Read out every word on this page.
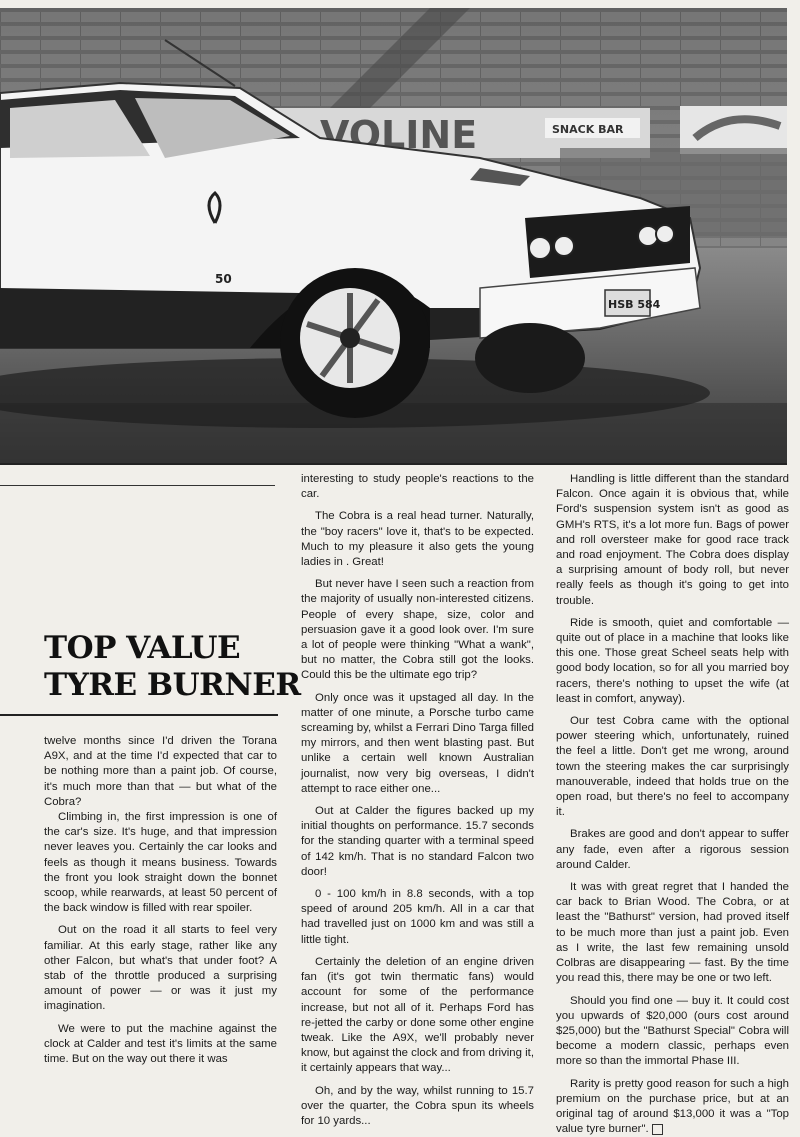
VOLINE	SNACK BAR
HSB 584
50
TOP VALUE
TYRE BURNER

twelve months since I'd driven the Torana A9X, and at the time I'd expected that car to be nothing more than a paint job. Of course, it's much more than that — but what of the Cobra?

Climbing in, the first impression is one of the car's size. It's huge, and that impression never leaves you. Certainly the car looks and feels as though it means business. Towards the front you look straight down the bonnet scoop, while rearwards, at least 50 percent of the back window is filled with rear spoiler.

Out on the road it all starts to feel very familiar. At this early stage, rather like any other Falcon, but what's that under foot? A stab of the throttle produced a surprising amount of power — or was it just my imagination.

We were to put the machine against the clock at Calder and test it's limits at the same time. But on the way out there it was

interesting to study people's reactions to the car.

The Cobra is a real head turner. Naturally, the "boy racers" love it, that's to be expected. Much to my pleasure it also gets the young ladies in . Great!

But never have I seen such a reaction from the majority of usually non-interested citizens. People of every shape, size, color and persuasion gave it a good look over. I'm sure a lot of people were thinking "What a wank", but no matter, the Cobra still got the looks. Could this be the ultimate ego trip?

Only once was it upstaged all day. In the matter of one minute, a Porsche turbo came screaming by, whilst a Ferrari Dino Targa filled my mirrors, and then went blasting past. But unlike a certain well known Australian journalist, now very big overseas, I didn't attempt to race either one...

Out at Calder the figures backed up my initial thoughts on performance. 15.7 seconds for the standing quarter with a terminal speed of 142 km/h. That is no standard Falcon two door!

0 - 100 km/h in 8.8 seconds, with a top speed of around 205 km/h. All in a car that had travelled just on 1000 km and was still a little tight.

Certainly the deletion of an engine driven fan (it's got twin thermatic fans) would account for some of the performance increase, but not all of it. Perhaps Ford has re-jetted the carby or done some other engine tweak. Like the A9X, we'll probably never know, but against the clock and from driving it, it certainly appears that way...

Oh, and by the way, whilst running to 15.7 over the quarter, the Cobra spun its wheels for 10 yards...

Handling is little different than the standard Falcon. Once again it is obvious that, while Ford's suspension system isn't as good as GMH's RTS, it's a lot more fun. Bags of power and roll oversteer make for good race track and road enjoyment. The Cobra does display a surprising amount of body roll, but never really feels as though it's going to get into trouble.

Ride is smooth, quiet and comfortable — quite out of place in a machine that looks like this one. Those great Scheel seats help with good body location, so for all you married boy racers, there's nothing to upset the wife (at least in comfort, anyway).

Our test Cobra came with the optional power steering which, unfortunately, ruined the feel a little. Don't get me wrong, around town the steering makes the car surprisingly manouverable, indeed that holds true on the open road, but there's no feel to accompany it.

Brakes are good and don't appear to suffer any fade, even after a rigorous session around Calder.

It was with great regret that I handed the car back to Brian Wood. The Cobra, or at least the "Bathurst" version, had proved itself to be much more than just a paint job. Even as I write, the last few remaining unsold Colbras are disappearing — fast. By the time you read this, there may be one or two left.

Should you find one — buy it. It could cost you upwards of $20,000 (ours cost around $25,000) but the "Bathurst Special" Cobra will become a modern classic, perhaps even more so than the immortal Phase III.

Rarity is pretty good reason for such a high premium on the purchase price, but at an original tag of around $13,000 it was a "Top value tyre burner".
